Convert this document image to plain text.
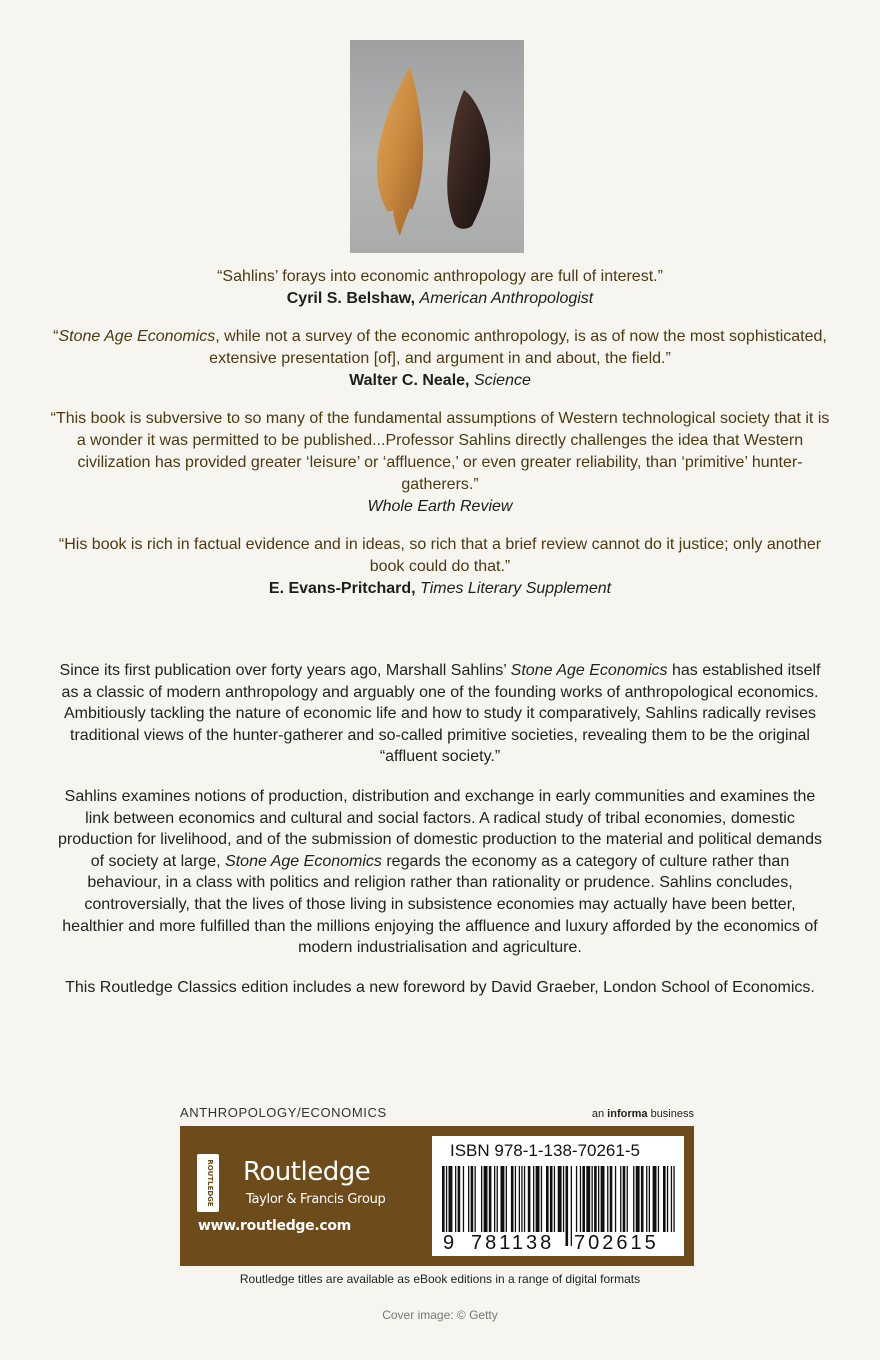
“Sahlins’ forays into economic anthropology are full of interest.”
Cyril S. Belshaw, American Anthropologist
“Stone Age Economics, while not a survey of the economic anthropology, is as of now the most sophisticated, extensive presentation [of], and argument in and about, the field.”
Walter C. Neale, Science
“This book is subversive to so many of the fundamental assumptions of Western technological society that it is a wonder it was permitted to be published...Professor Sahlins directly challenges the idea that Western civilization has provided greater ‘leisure’ or ‘affluence,’ or even greater reliability, than ‘primitive’ hunter-gatherers.”
Whole Earth Review
“His book is rich in factual evidence and in ideas, so rich that a brief review cannot do it justice; only another book could do that.”
E. Evans-Pritchard, Times Literary Supplement

Since its first publication over forty years ago, Marshall Sahlins’ Stone Age Economics has established itself as a classic of modern anthropology and arguably one of the founding works of anthropological economics. Ambitiously tackling the nature of economic life and how to study it comparatively, Sahlins radically revises traditional views of the hunter-gatherer and so-called primitive societies, revealing them to be the original “affluent society.”

Sahlins examines notions of production, distribution and exchange in early communities and examines the link between economics and cultural and social factors. A radical study of tribal economies, domestic production for livelihood, and of the submission of domestic production to the material and political demands of society at large, Stone Age Economics regards the economy as a category of culture rather than behaviour, in a class with politics and religion rather than rationality or prudence. Sahlins concludes, controversially, that the lives of those living in subsistence economies may actually have been better, healthier and more fulfilled than the millions enjoying the affluence and luxury afforded by the economics of modern industrialisation and agriculture.

This Routledge Classics edition includes a new foreword by David Graeber, London School of Economics.

ANTHROPOLOGY/ECONOMICS	an informa business
ROUTLEDGE Routledge
Taylor & Francis Group
www.routledge.com
ISBN 978-1-138-70261-5
9 781138 702615
Routledge titles are available as eBook editions in a range of digital formats
Cover image: © Getty
